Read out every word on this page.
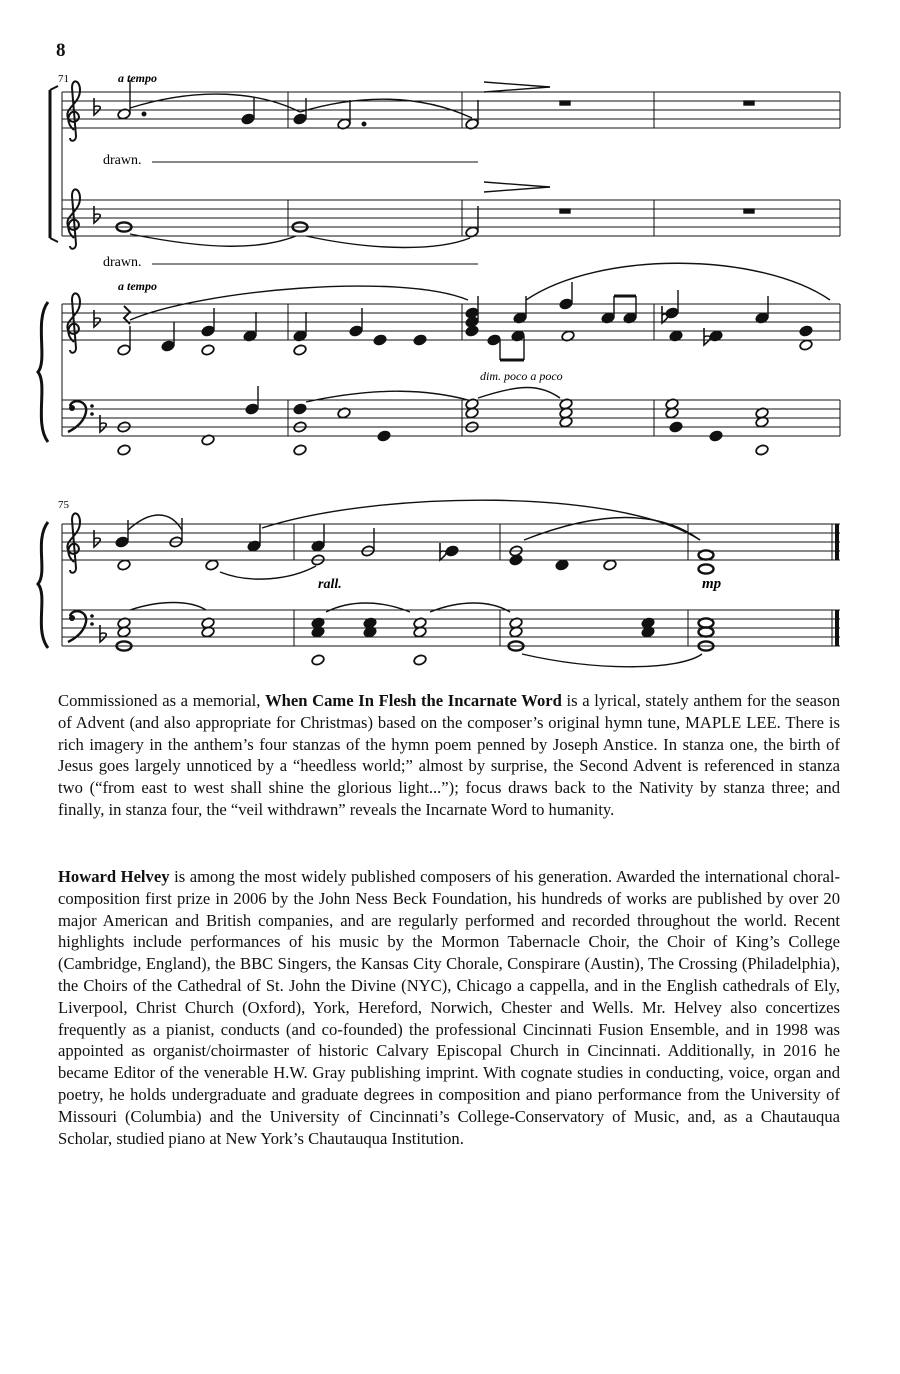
8
71	a tempo
drawn.
drawn.
a tempo
dim. poco a poco
75
rall.	mp
Commissioned as a memorial, When Came In Flesh the Incarnate Word is a lyrical, stately anthem for the season of Advent (and also appropriate for Christmas) based on the composer’s original hymn tune, MAPLE LEE. There is rich imagery in the anthem’s four stanzas of the hymn poem penned by Joseph Anstice. In stanza one, the birth of Jesus goes largely unnoticed by a “heedless world;” almost by surprise, the Second Advent is referenced in stanza two (“from east to west shall shine the glorious light...”); focus draws back to the Nativity by stanza three; and finally, in stanza four, the “veil withdrawn” reveals the Incarnate Word to humanity.
Howard Helvey is among the most widely published composers of his generation. Awarded the international choral-composition first prize in 2006 by the John Ness Beck Foundation, his hundreds of works are published by over 20 major American and British companies, and are regularly performed and recorded throughout the world. Recent highlights include performances of his music by the Mormon Tabernacle Choir, the Choir of King’s College (Cambridge, England), the BBC Singers, the Kansas City Chorale, Conspirare (Austin), The Crossing (Philadelphia), the Choirs of the Cathedral of St. John the Divine (NYC), Chicago a cappella, and in the English cathedrals of Ely, Liverpool, Christ Church (Oxford), York, Hereford, Norwich, Chester and Wells. Mr. Helvey also concertizes frequently as a pianist, conducts (and co-founded) the professional Cincinnati Fusion Ensemble, and in 1998 was appointed as organist/choirmaster of historic Calvary Episcopal Church in Cincinnati. Additionally, in 2016 he became Editor of the venerable H.W. Gray publishing imprint. With cognate studies in conducting, voice, organ and poetry, he holds undergraduate and graduate degrees in composition and piano performance from the University of Missouri (Columbia) and the University of Cincinnati’s College-Conservatory of Music, and, as a Chautauqua Scholar, studied piano at New York’s Chautauqua Institution.
